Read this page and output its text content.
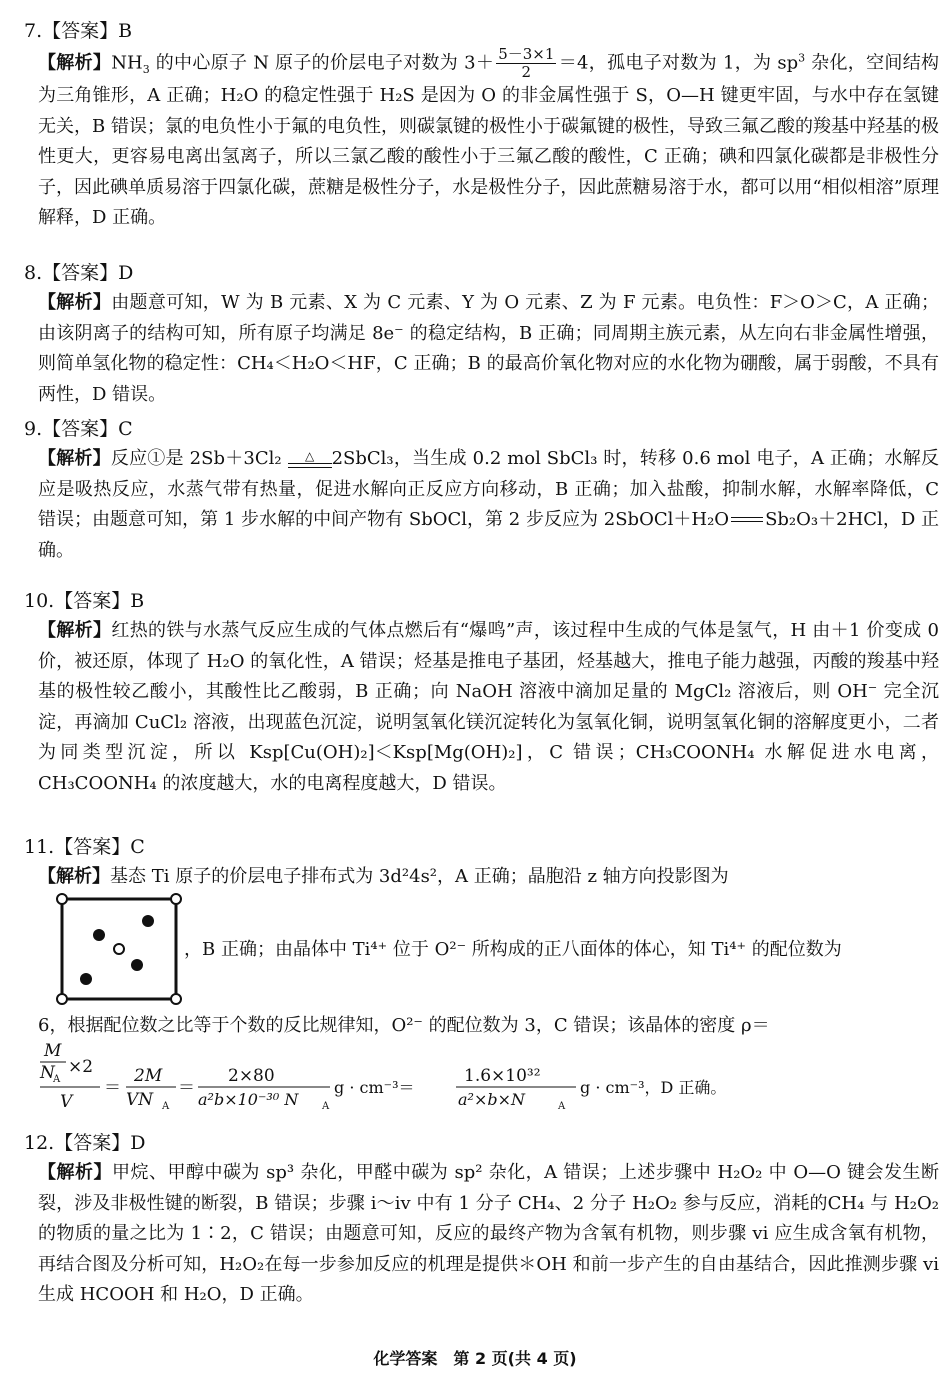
7.【答案】B
【解析】$NH_3$ 的中心原子 N 原子的价层电子对数为 $3+ \frac{5-3\times 1}{2} =4$，孤电子对数为 1，为 $sp^3$ 杂化，空间结构为三角锥形，A 正确；H₂O 的稳定性强于 H₂S 是因为 O 的非金属性强于 S，O—H 键更牢固，与水中存在氢键无关，B 错误；氯的电负性小于氟的电负性，则碳氯键的极性小于碳氟键的极性，导致三氟乙酸的羧基中羟基的极性更大，更容易电离出氢离子，所以三氯乙酸的酸性小于三氟乙酸的酸性，C 正确；碘和四氯化碳都是非极性分子，因此碘单质易溶于四氯化碳，蔗糖是极性分子，水是极性分子，因此蔗糖易溶于水，都可以用“相似相溶”原理解释，D 正确。
8.【答案】D
【解析】由题意可知，W 为 B 元素、X 为 C 元素、Y 为 O 元素、Z 为 F 元素。电负性：F＞O＞C，A 正确；由该阴离子的结构可知，所有原子均满足 8e⁻ 的稳定结构，B 正确；同周期主族元素，从左向右非金属性增强，则简单氢化物的稳定性：CH₄＜H₂O＜HF，C 正确；B 的最高价氧化物对应的水化物为硼酸，属于弱酸，不具有两性，D 错误。
9.【答案】C
【解析】反应①是 2Sb＋3Cl₂	△ 2SbCl₃，当生成 0.2 mol SbCl₃ 时，转移 0.6 mol 电子，A 正确；水解反应是吸热反应，水蒸气带有热量，促进水解向正反应方向移动，B 正确；加入盐酸，抑制水解，水解率降低，C 错误；由题意可知，第 1 步水解的中间产物有 SbOCl，第 2 步反应为 2SbOCl＋H₂O Sb₂O₃＋2HCl，D 正确。
10.【答案】B
【解析】红热的铁与水蒸气反应生成的气体点燃后有“爆鸣”声，该过程中生成的气体是氢气，H 由＋1 价变成 0 价，被还原，体现了 H₂O 的氧化性，A 错误；烃基是推电子基团，烃基越大，推电子能力越强，丙酸的羧基中羟基的极性较乙酸小，其酸性比乙酸弱，B 正确；向 NaOH 溶液中滴加足量的 MgCl₂ 溶液后，则 OH⁻ 完全沉淀，再滴加 CuCl₂ 溶液，出现蓝色沉淀，说明氢氧化镁沉淀转化为氢氧化铜，说明氢氧化铜的溶解度更小，二者为同类型沉淀，所以 Ksp[Cu(OH)₂]＜Ksp[Mg(OH)₂]，C 错误；CH₃COONH₄ 水解促进水电离，CH₃COONH₄ 的浓度越大，水的电离程度越大，D 错误。
11.【答案】C
【解析】基态 Ti 原子的价层电子排布式为 3d²4s²，A 正确；晶胞沿 z 轴方向投影图为
，B 正确；由晶体中 Ti⁴⁺ 位于 O²⁻ 所构成的正八面体的体心，知 Ti⁴⁺ 的配位数为
6，根据配位数之比等于个数的反比规律知，O²⁻ 的配位数为 3，C 错误；该晶体的密度 ρ＝
M
N
A
×2
V
＝
2M
VN A
＝
2×80
a²b×10⁻³⁰ N A
g · cm⁻³＝
1.6×10³²
a²×b×N	A
g · cm⁻³，D 正确。
12.【答案】D
【解析】甲烷、甲醇中碳为 sp³ 杂化，甲醛中碳为 sp² 杂化，A 错误；上述步骤中 H₂O₂ 中 O—O 键会发生断裂，涉及非极性键的断裂，B 错误；步骤 i～iv 中有 1 分子 CH₄、2 分子 H₂O₂ 参与反应，消耗的CH₄ 与 H₂O₂ 的物质的量之比为 1∶2，C 错误；由题意可知，反应的最终产物为含氧有机物，则步骤 vi 应生成含氧有机物，再结合图及分析可知，H₂O₂在每一步参加反应的机理是提供＊OH 和前一步产生的自由基结合，因此推测步骤 vi 生成 HCOOH 和 H₂O，D 正确。
化学答案　第 2 页(共 4 页)
